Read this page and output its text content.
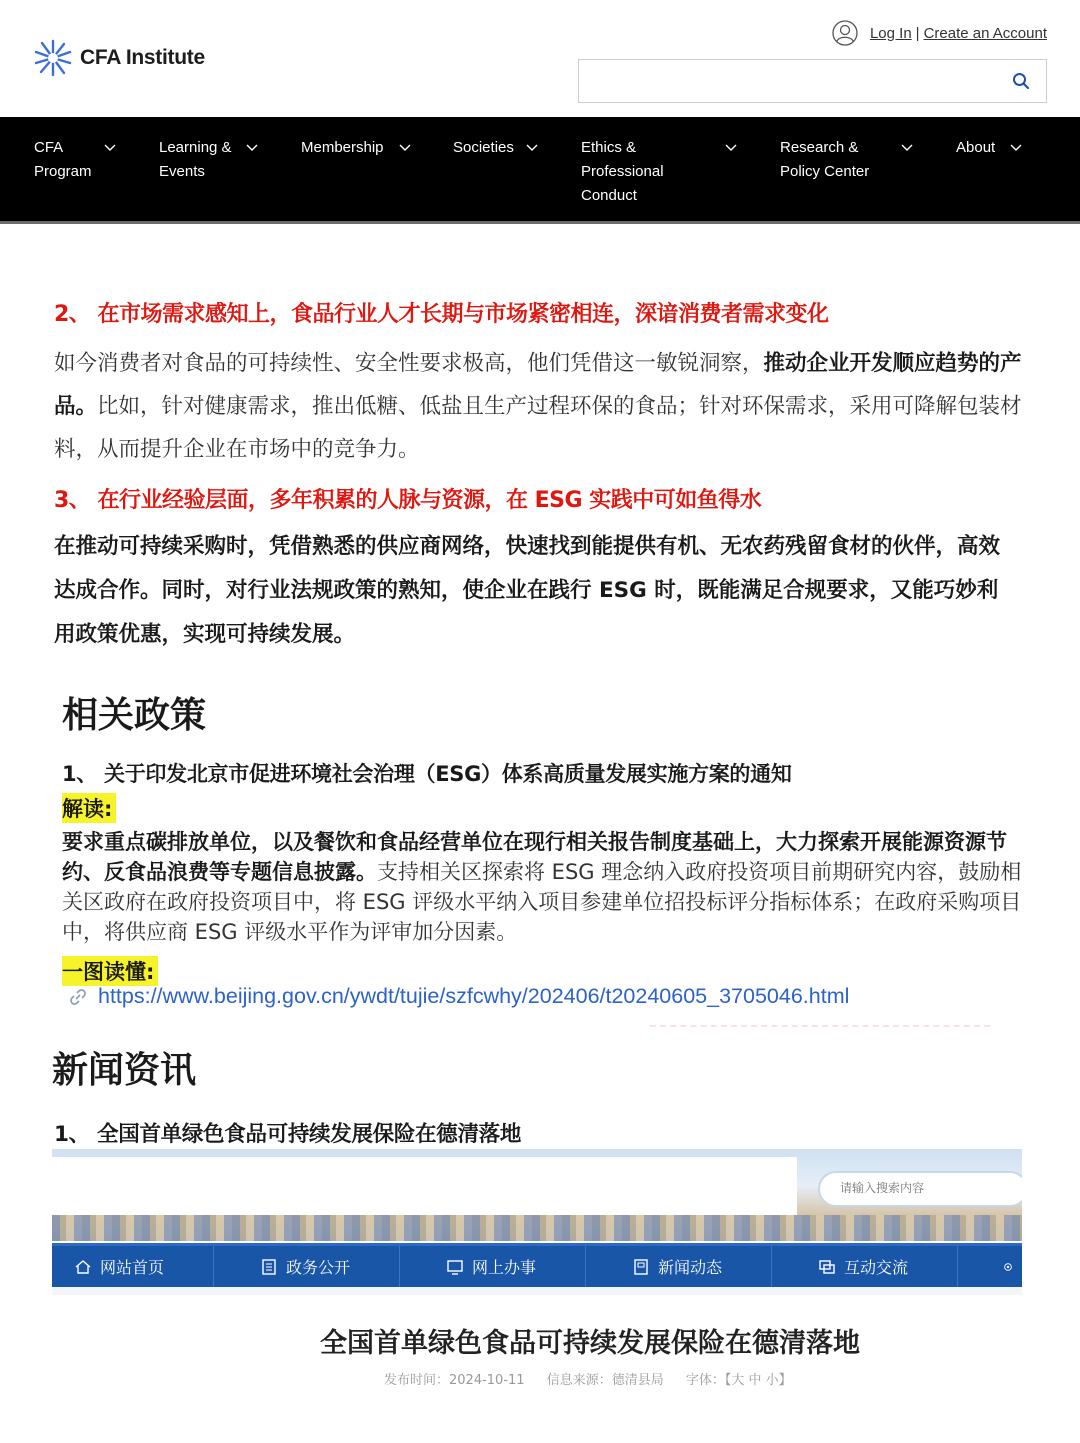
CFA Institute
Log In | Create an Account
CFA
Program
Learning &
Events
Membership	Societies	Ethics &
Professional
Conduct
Research &
Policy Center
About
2、 在市场需求感知上，食品行业人才长期与市场紧密相连，深谙消费者需求变化
如今消费者对食品的可持续性、安全性要求极高，他们凭借这一敏锐洞察，推动企业开发顺应趋势的产品。比如，针对健康需求，推出低糖、低盐且生产过程环保的食品；针对环保需求，采用可降解包装材料，从而提升企业在市场中的竞争力。
3、 在行业经验层面，多年积累的人脉与资源，在 ESG 实践中可如鱼得水
在推动可持续采购时，凭借熟悉的供应商网络，快速找到能提供有机、无农药残留食材的伙伴，高效达成合作。同时，对行业法规政策的熟知，使企业在践行 ESG 时，既能满足合规要求，又能巧妙利用政策优惠，实现可持续发展。
相关政策
1、 关于印发北京市促进环境社会治理（ESG）体系高质量发展实施方案的通知
解读:
要求重点碳排放单位，以及餐饮和食品经营单位在现行相关报告制度基础上，大力探索开展能源资源节约、反食品浪费等专题信息披露。支持相关区探索将 ESG 理念纳入政府投资项目前期研究内容，鼓励相关区政府在政府投资项目中，将 ESG 评级水平纳入项目参建单位招投标评分指标体系；在政府采购项目中，将供应商 ESG 评级水平作为评审加分因素。
一图读懂:
https://www.beijing.gov.cn/ywdt/tujie/szfcwhy/202406/t20240605_3705046.html
新闻资讯
1、 全国首单绿色食品可持续发展保险在德清落地
请输入搜索内容
网站首页	政务公开	网上办事	新闻动态	互动交流
全国首单绿色食品可持续发展保险在德清落地
发布时间：2024-10-11 信息来源：德清县局 字体：【大 中 小】
